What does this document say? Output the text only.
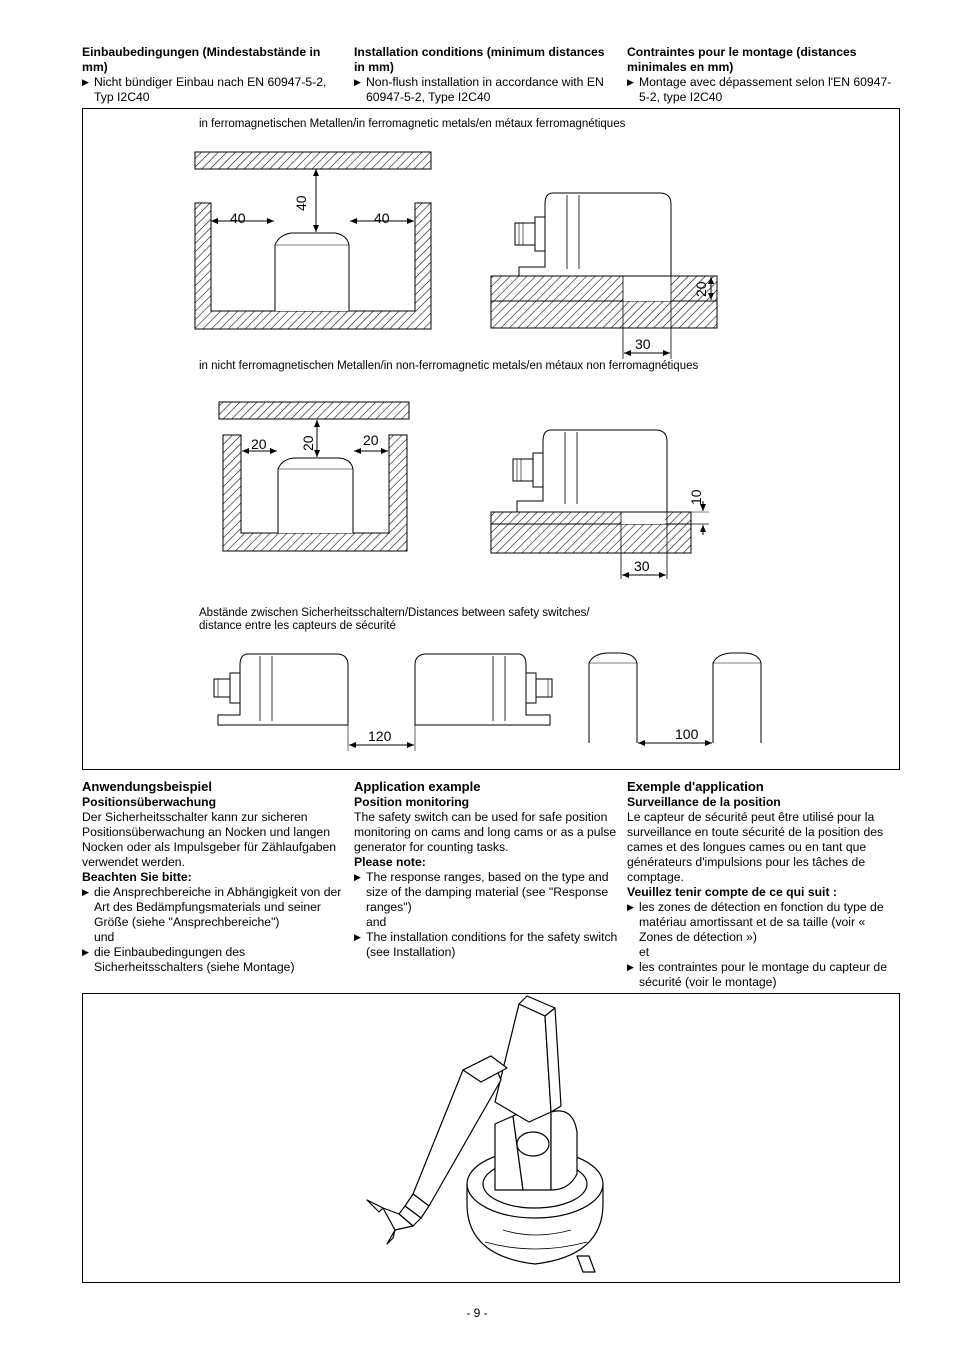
Einbaubedingungen (Mindestabstände in mm)
▶ Nicht bündiger Einbau nach EN 60947-5-2, Typ I2C40
Installation conditions (minimum distances in mm)
▶ Non-flush installation in accordance with EN 60947-5-2, Type I2C40
Contraintes pour le montage (distances minimales en mm)
▶ Montage avec dépassement selon l'EN 60947-5-2, type I2C40
40	40
40
20
30
20	20
20
10
30
120	100
in ferromagnetischen Metallen/in ferromagnetic metals/en métaux ferromagnétiques
in nicht ferromagnetischen Metallen/in non-ferromagnetic metals/en métaux non ferromagnétiques
Abstände zwischen Sicherheitsschaltern/Distances between safety switches/
distance entre les capteurs de sécurité
Anwendungsbeispiel
Positionsüberwachung
Der Sicherheitsschalter kann zur sicheren Positionsüberwachung an Nocken und langen Nocken oder als Impulsgeber für Zählaufgaben verwendet werden.
Beachten Sie bitte:
▶ die Ansprechbereiche in Abhängigkeit von der Art des Bedämpfungsmaterials und seiner Größe (siehe "Ansprechbereiche")
und
▶ die Einbaubedingungen des Sicherheitsschalters (siehe Montage)
Application example
Position monitoring
The safety switch can be used for safe position monitoring on cams and long cams or as a pulse generator for counting tasks.
Please note:
▶ The response ranges, based on the type and size of the damping material (see "Response ranges")
and
▶ The installation conditions for the safety switch (see Installation)
Exemple d'application
Surveillance de la position
Le capteur de sécurité peut être utilisé pour la surveillance en toute sécurité de la position des cames et des longues cames ou en tant que générateurs d'impulsions pour les tâches de comptage.
Veuillez tenir compte de ce qui suit :
▶ les zones de détection en fonction du type de matériau amortissant et de sa taille (voir « Zones de détection »)
et
▶ les contraintes pour le montage du capteur de sécurité (voir le montage)
- 9 -
